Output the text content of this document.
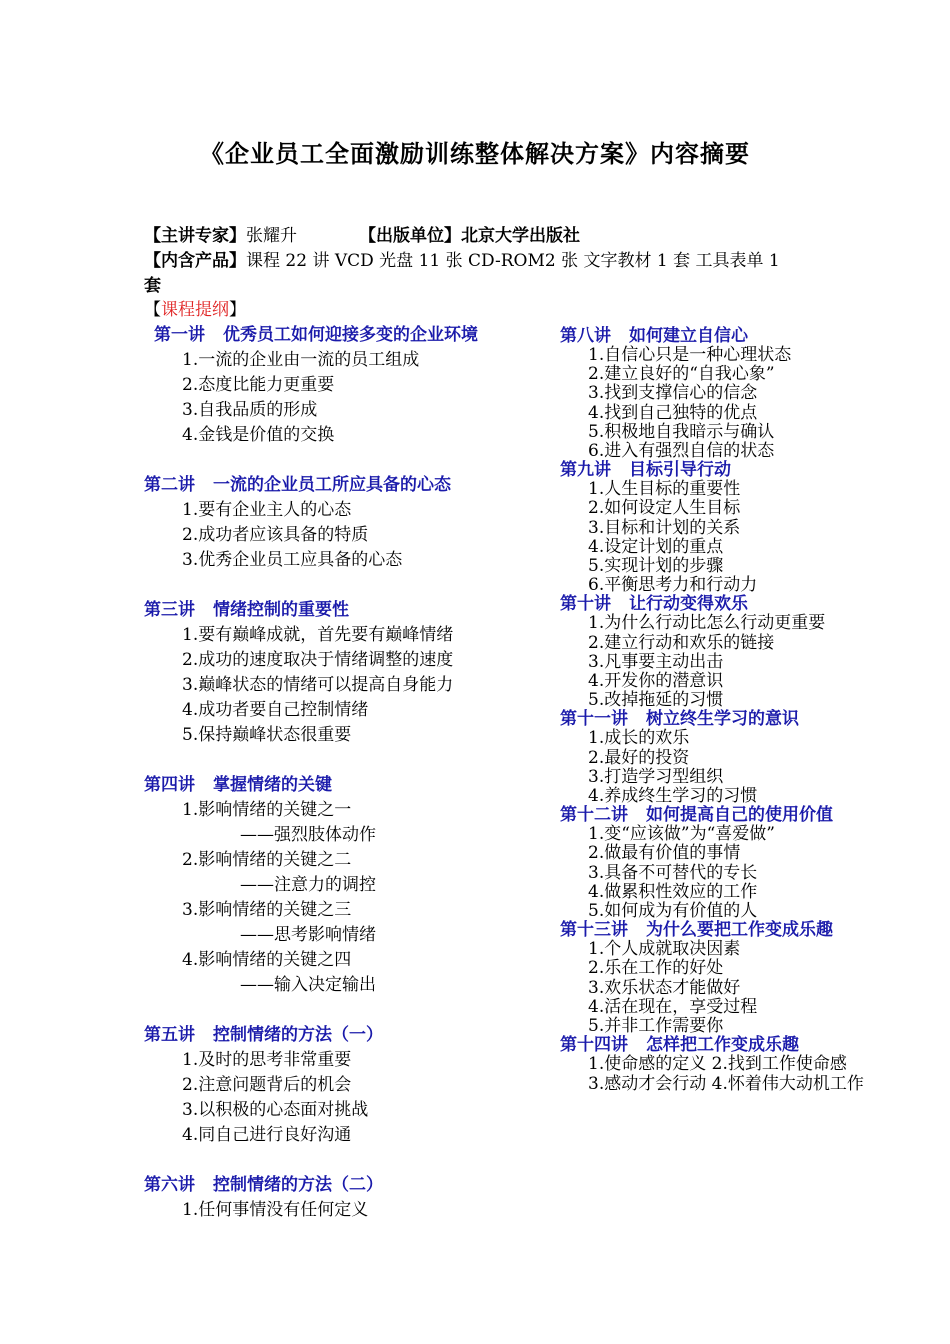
《企业员工全面激励训练整体解决方案》内容摘要
【主讲专家】张耀升	【出版单位】北京大学出版社
【内含产品】课程 22 讲 VCD 光盘 11 张 CD-ROM2 张 文字教材 1 套 工具表单 1
套
【课程提纲】
第一讲 优秀员工如何迎接多变的企业环境
1.一流的企业由一流的员工组成
2.态度比能力更重要
3.自我品质的形成
4.金钱是价值的交换
第二讲 一流的企业员工所应具备的心态
1.要有企业主人的心态
2.成功者应该具备的特质
3.优秀企业员工应具备的心态
第三讲 情绪控制的重要性
1.要有巅峰成就，首先要有巅峰情绪
2.成功的速度取决于情绪调整的速度
3.巅峰状态的情绪可以提高自身能力
4.成功者要自己控制情绪
5.保持巅峰状态很重要
第四讲 掌握情绪的关键
1.影响情绪的关键之一
——强烈肢体动作
2.影响情绪的关键之二
——注意力的调控
3.影响情绪的关键之三
——思考影响情绪
4.影响情绪的关键之四
——输入决定输出
第五讲 控制情绪的方法（一）
1.及时的思考非常重要
2.注意问题背后的机会
3.以积极的心态面对挑战
4.同自己进行良好沟通
第六讲 控制情绪的方法（二）
1.任何事情没有任何定义
第八讲 如何建立自信心
1.自信心只是一种心理状态
2.建立良好的“自我心象”
3.找到支撑信心的信念
4.找到自己独特的优点
5.积极地自我暗示与确认
6.进入有强烈自信的状态
第九讲 目标引导行动
1.人生目标的重要性
2.如何设定人生目标
3.目标和计划的关系
4.设定计划的重点
5.实现计划的步骤
6.平衡思考力和行动力
第十讲 让行动变得欢乐
1.为什么行动比怎么行动更重要
2.建立行动和欢乐的链接
3.凡事要主动出击
4.开发你的潜意识
5.改掉拖延的习惯
第十一讲 树立终生学习的意识
1.成长的欢乐
2.最好的投资
3.打造学习型组织
4.养成终生学习的习惯
第十二讲 如何提高自己的使用价值
1.变“应该做”为“喜爱做”
2.做最有价值的事情
3.具备不可替代的专长
4.做累积性效应的工作
5.如何成为有价值的人
第十三讲 为什么要把工作变成乐趣
1.个人成就取决因素
2.乐在工作的好处
3.欢乐状态才能做好
4.活在现在，享受过程
5.并非工作需要你
第十四讲 怎样把工作变成乐趣
1.使命感的定义 2.找到工作使命感
3.感动才会行动 4.怀着伟大动机工作
